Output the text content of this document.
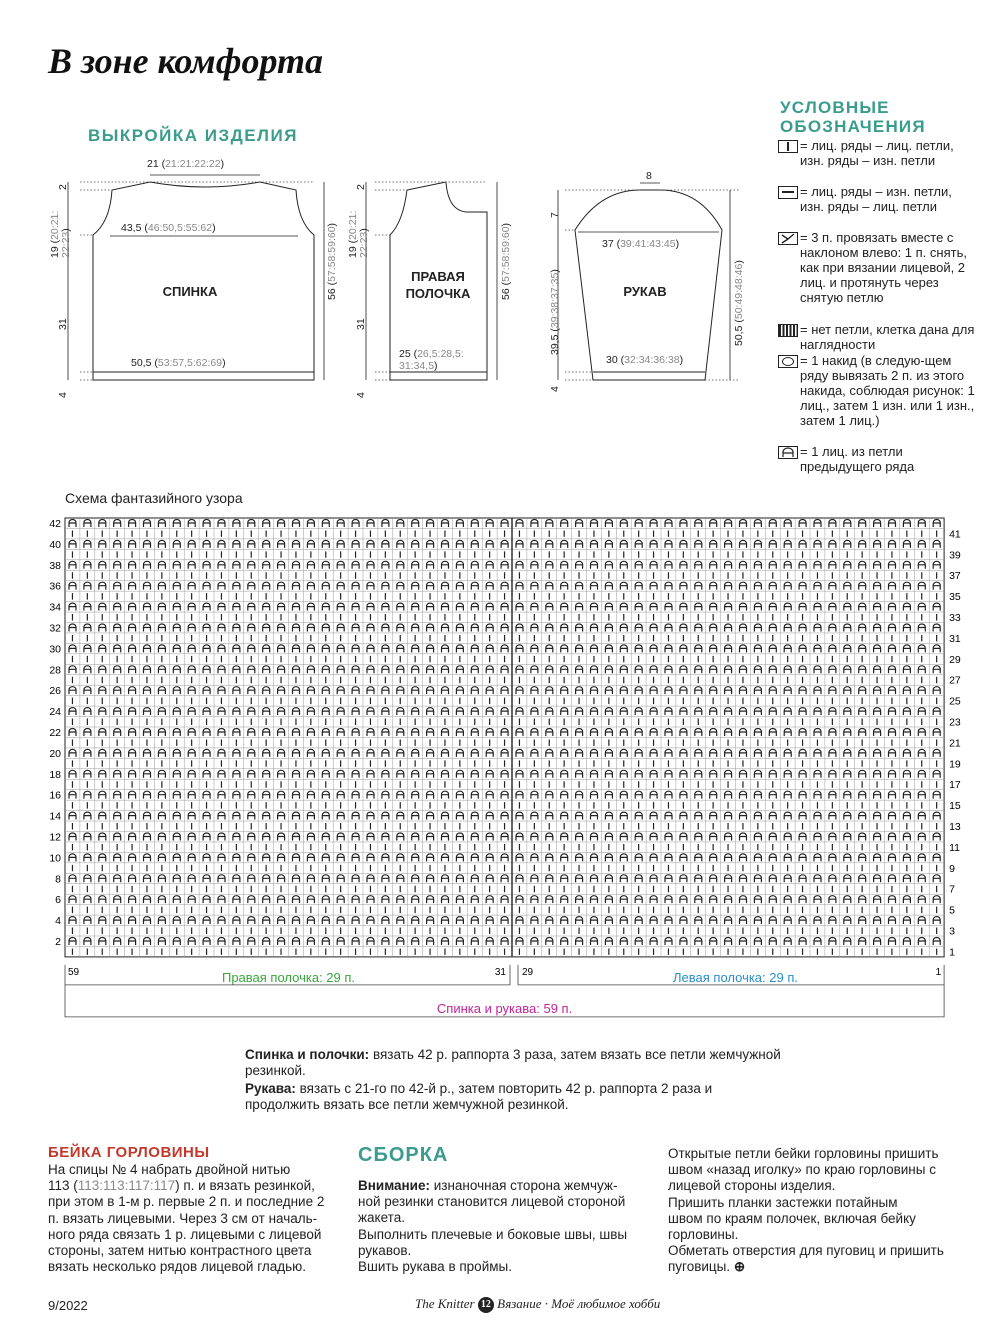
В зоне комфорта
ВЫКРОЙКА ИЗДЕЛИЯ
УСЛОВНЫЕ
ОБОЗНАЧЕНИЯ
= лиц. ряды – лиц. петли, изн. ряды – изн. петли
= лиц. ряды – изн. петли, изн. ряды – лиц. петли
= 3 п. провязать вместе с наклоном влево: 1 п. снять, как при вязании лицевой, 2 лиц. и протянуть через снятую петлю
= нет петли, клетка дана для наглядности
= 1 накид (в следую-щем ряду вывязать 2 п. из этого накида, соблюдая рисунок: 1 лиц., затем 1 изн. или 1 изн., затем 1 лиц.)
= 1 лиц. из петли предыдущего ряда
21 (21:21:22:22)
43,5 (46:50,5:55:62)
50,5 (53:57,5:62:69)
56 (57:58:59:60)
19 (20:21: 22:23)
31
2
4
СПИНКА
ПРАВАЯ
ПОЛОЧКА
25 (26,5:28,5: 31:34,5)
56 (57:58:59:60)
19 (20:21: 22:23)
31
2
4
РУКАВ
8
37 (39:41:43:45)
30 (32:34:36:38)
50,5 (50:49:48:46)
39,5 (39:38:37:35)
7
4
Схема фантазийного узора
2
4
6
8
10
12
14
16
18
20
22
24
26
28
30
32
34
36
38
40
42
1
3
5
7
9
11
13
15
17
19
21
23
25
27
29
31
33
35
37
39
41
59	31 29	1
Правая полочка: 29 п.	Левая полочка: 29 п.
Спинка и рукава: 59 п.
Спинка и полочки: вязать 42 р. раппорта 3 раза, затем вязать все петли жемчужной резинкой.
Рукава: вязать с 21-го по 42-й р., затем повторить 42 р. раппорта 2 раза и продолжить вязать все петли жемчужной резинкой.
БЕЙКА ГОРЛОВИНЫ
На спицы № 4 набрать двойной нитью
113 (113:113:117:117) п. и вязать резинкой,
при этом в 1-м р. первые 2 п. и последние 2
п. вязать лицевыми. Через 3 см от началь-
ного ряда связать 1 р. лицевыми с лицевой
стороны, затем нитью контрастного цвета
вязать несколько рядов лицевой гладью.
СБОРКА
Внимание: изнаночная сторона жемчуж-
ной резинки становится лицевой стороной
жакета.
Выполнить плечевые и боковые швы, швы
рукавов.
Вшить рукава в проймы.
Открытые петли бейки горловины пришить
швом «назад иголку» по краю горловины с
лицевой стороны изделия.
Пришить планки застежки потайным
швом по краям полочек, включая бейку
горловины.
Обметать отверстия для пуговиц и пришить
пуговицы. ⊕
9/2022	The Knitter 12 Вязание · Моё любимое хобби
